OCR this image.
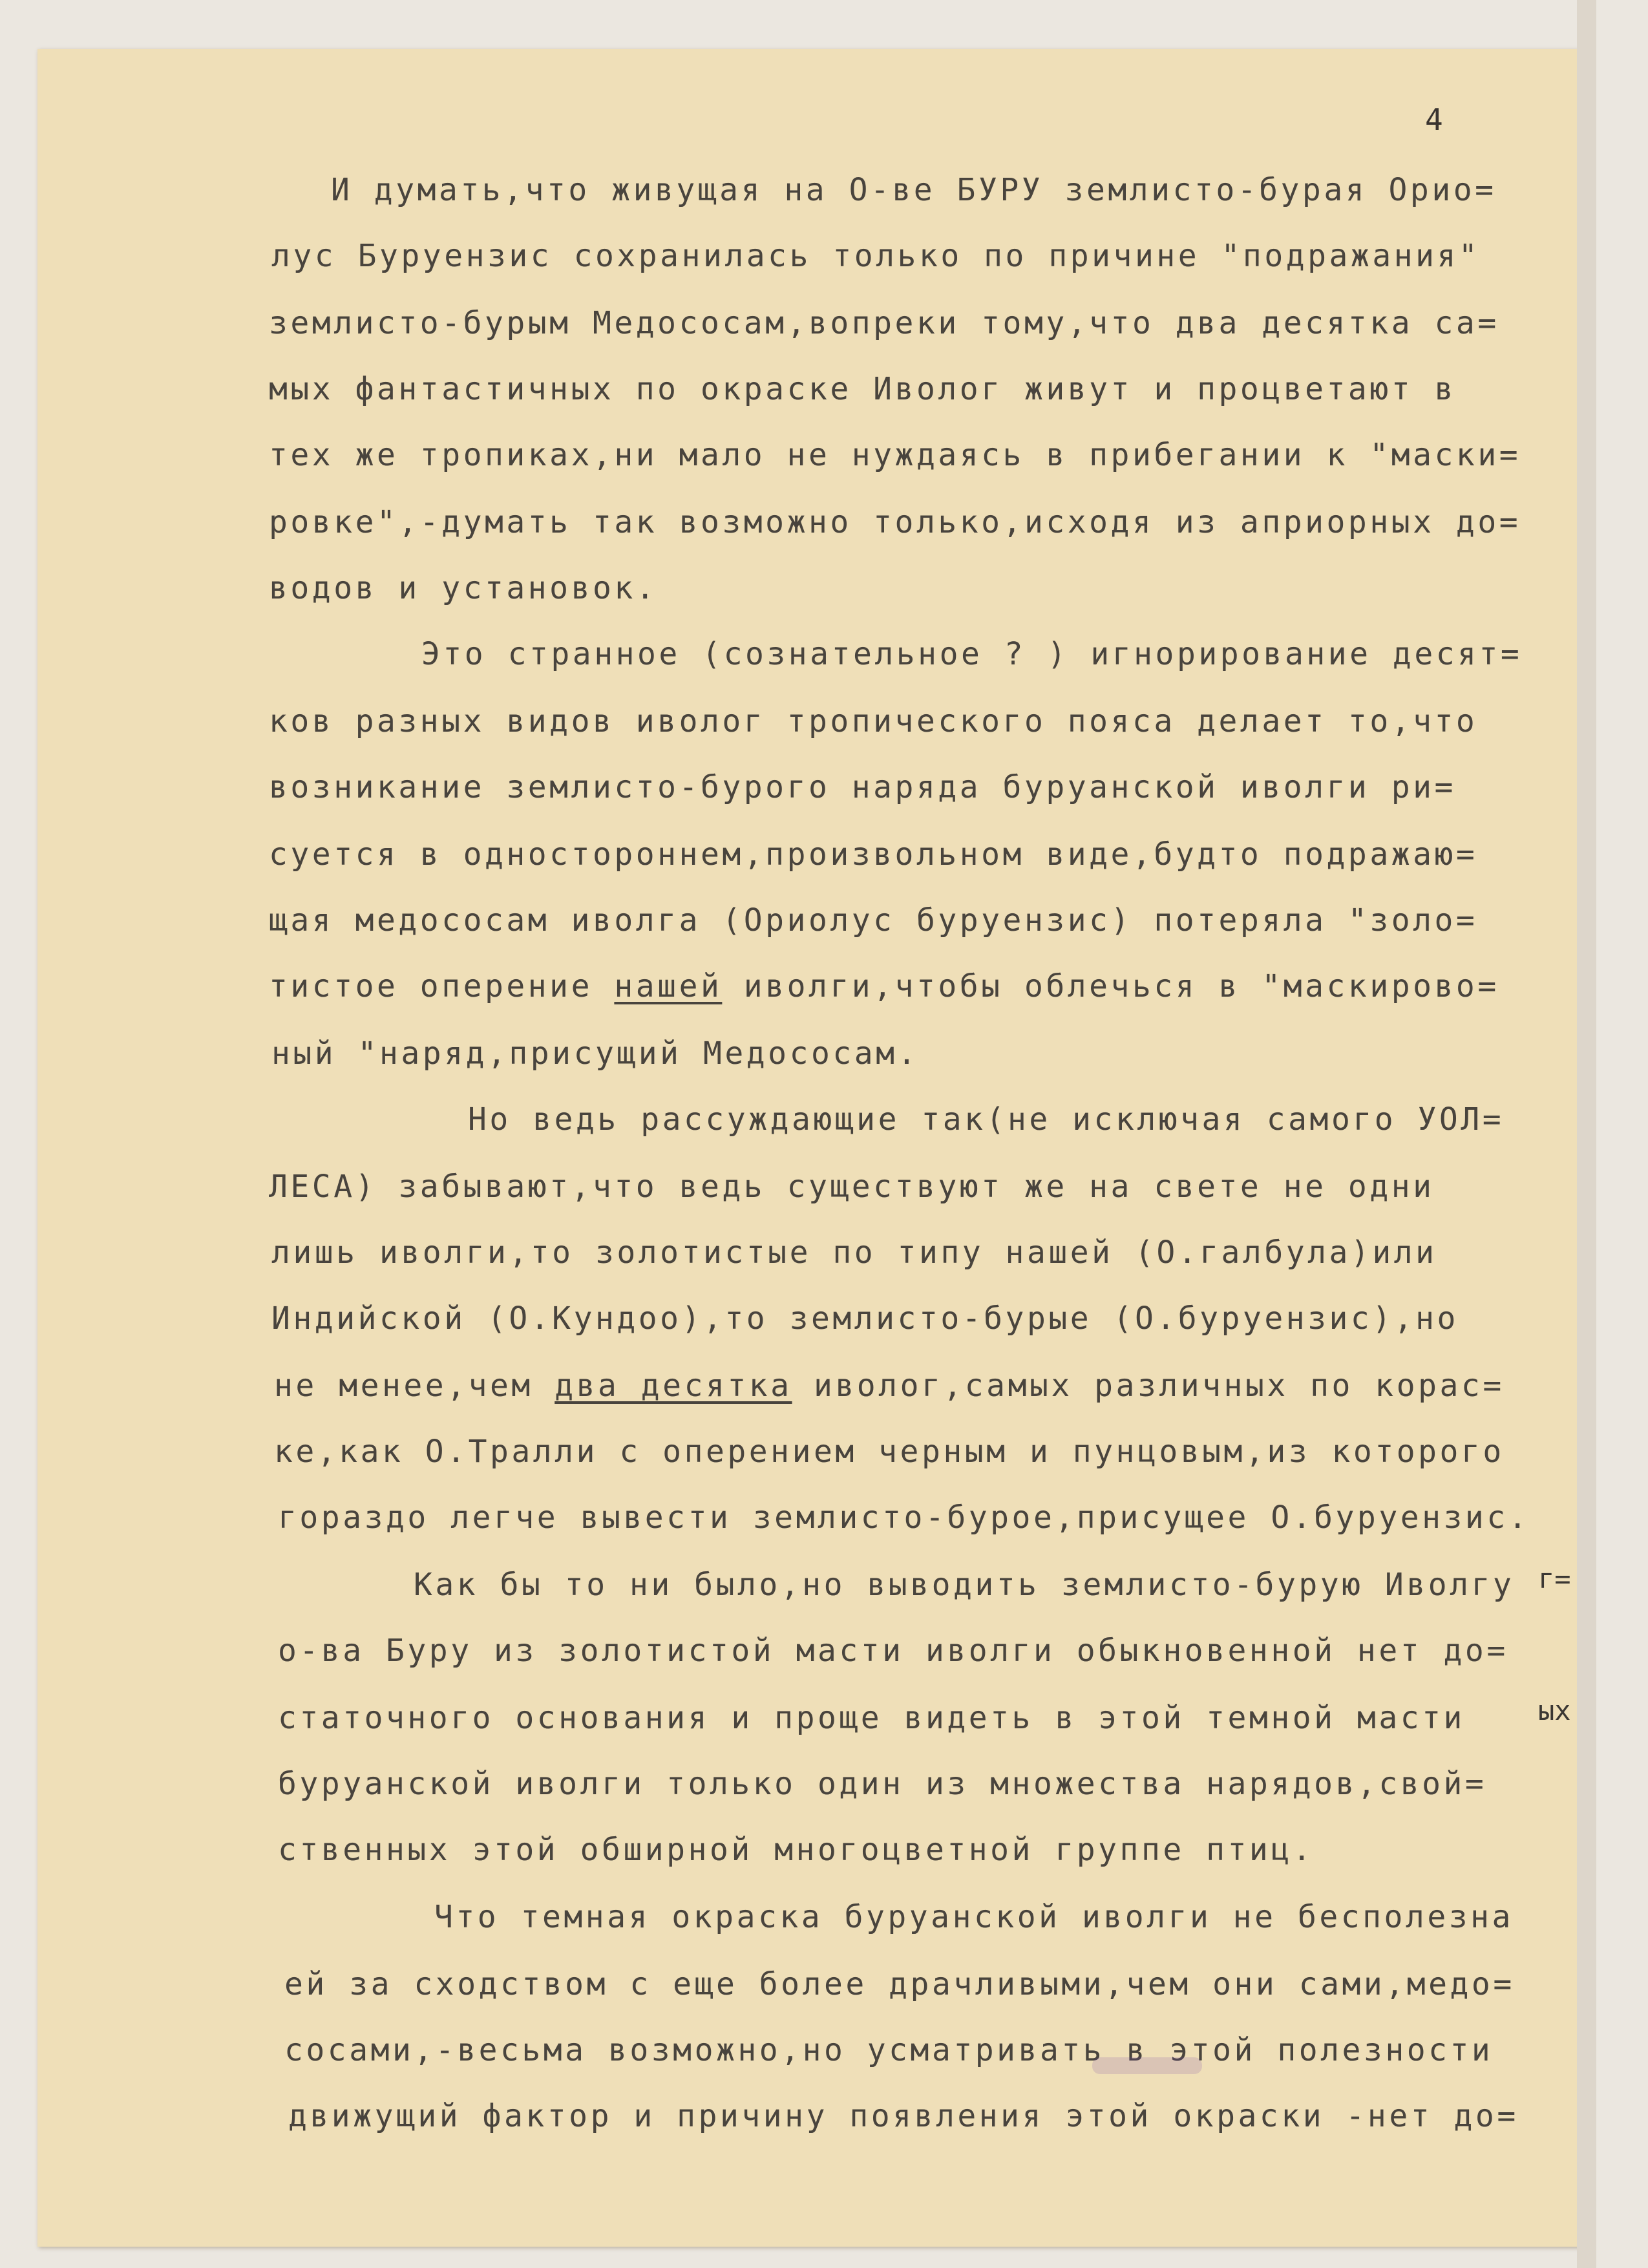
4

И думать,что живущая на О-ве БУРУ землисто-бурая Ориo=

лус Буруензис сохранилась только по причине "подражания"

землисто-бурым Медососам,вопреки тому,что два десятка са=

мых фантастичных по окраске Иволог живут и процветают в

тех же тропиках,ни мало не нуждаясь в прибегании к "маски=

ровке",-думать так возможно только,исходя из априорных до=

водов и установок.

Это странное (сознательное ? ) игнорирование десят=

ков разных видов иволог тропического пояса делает то,что

возникание землисто-бурого наряда буруанской иволги ри=

суется в одностороннем,произвольном виде,будто подражаю=

щая медососам иволга (Ориолус буруензис) потеряла "золо=

тистое оперение нашей иволги,чтобы облечься в "маскирово=

ный "наряд,присущий Медососам.

Но ведь рассуждающие так(не исключая самого УОЛ=

ЛЕСА) забывают,что ведь существуют же на свете не одни

лишь иволги,то золотистые по типу нашей (О.галбула)или

Индийской (О.Кундоо),то землисто-бурые (О.буруензис),но

не менее,чем два десятка иволог,самых различных по корас=

ке,как О.Тралли с оперением черным и пунцовым,из которого

гораздо легче вывести землисто-бурое,присущее О.буруензис.

Как бы то ни было,но выводить землисто-бурую Иволгу

о-ва Буру из золотистой масти иволги обыкновенной нет до=

статочного основания и проще видеть в этой темной масти

буруанской иволги только один из множества нарядов,свой=

ственных этой обширной многоцветной группе птиц.

Что темная окраска буруанской иволги не бесполезна

ей за сходством с еще более драчливыми,чем они сами,медо=

сосами,-весьма возможно,но усматривать в этой полезности

движущий фактор и причину появления этой окраски -нет до=

г=
ых
